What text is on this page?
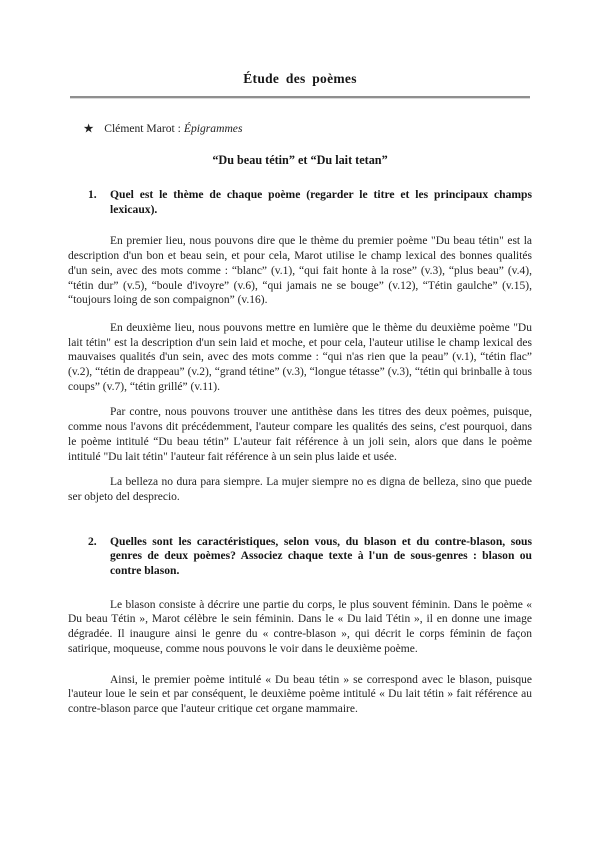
Étude des poèmes
★ Clément Marot : Épigrammes
“Du beau tétin” et “Du lait tetan”
1.	Quel est le thème de chaque poème (regarder le titre et les principaux champs lexicaux).

En premier lieu, nous pouvons dire que le thème du premier poème "Du beau tétin" est la description d'un bon et beau sein, et pour cela, Marot utilise le champ lexical des bonnes qualités d'un sein, avec des mots comme : “blanc” (v.1), “qui fait honte à la rose” (v.3), “plus beau” (v.4), “tétin dur” (v.5), “boule d'ivoyre” (v.6), “qui jamais ne se bouge” (v.12), “Tétin gaulche” (v.15), “toujours loing de son compaignon” (v.16).

En deuxième lieu, nous pouvons mettre en lumière que le thème du deuxième poème "Du lait tétin" est la description d'un sein laid et moche, et pour cela, l'auteur utilise le champ lexical des mauvaises qualités d'un sein, avec des mots comme : “qui n'as rien que la peau” (v.1), “tétin flac” (v.2), “tétin de drappeau” (v.2), “grand tétine” (v.3), “longue tétasse” (v.3), “tétin qui brinballe à tous coups” (v.7), “tétin grillé” (v.11).

Par contre, nous pouvons trouver une antithèse dans les titres des deux poèmes, puisque, comme nous l'avons dit précédemment, l'auteur compare les qualités des seins, c'est pourquoi, dans le poème intitulé “Du beau tétin” L'auteur fait référence à un joli sein, alors que dans le poème intitulé "Du lait tétin" l'auteur fait référence à un sein plus laide et usée.

La belleza no dura para siempre. La mujer siempre no es digna de belleza, sino que puede ser objeto del desprecio.

2.	Quelles sont les caractéristiques, selon vous, du blason et du contre-blason, sous genres de deux poèmes? Associez chaque texte à l'un de sous-genres : blason ou contre blason.

Le blason consiste à décrire une partie du corps, le plus souvent féminin. Dans le poème « Du beau Tétin », Marot célèbre le sein féminin. Dans le « Du laid Tétin », il en donne une image dégradée. Il inaugure ainsi le genre du « contre-blason », qui décrit le corps féminin de façon satirique, moqueuse, comme nous pouvons le voir dans le deuxième poème.

Ainsi, le premier poème intitulé « Du beau tétin » se correspond avec le blason, puisque l'auteur loue le sein et par conséquent, le deuxième poème intitulé « Du lait tétin » fait référence au contre-blason parce que l'auteur critique cet organe mammaire.
